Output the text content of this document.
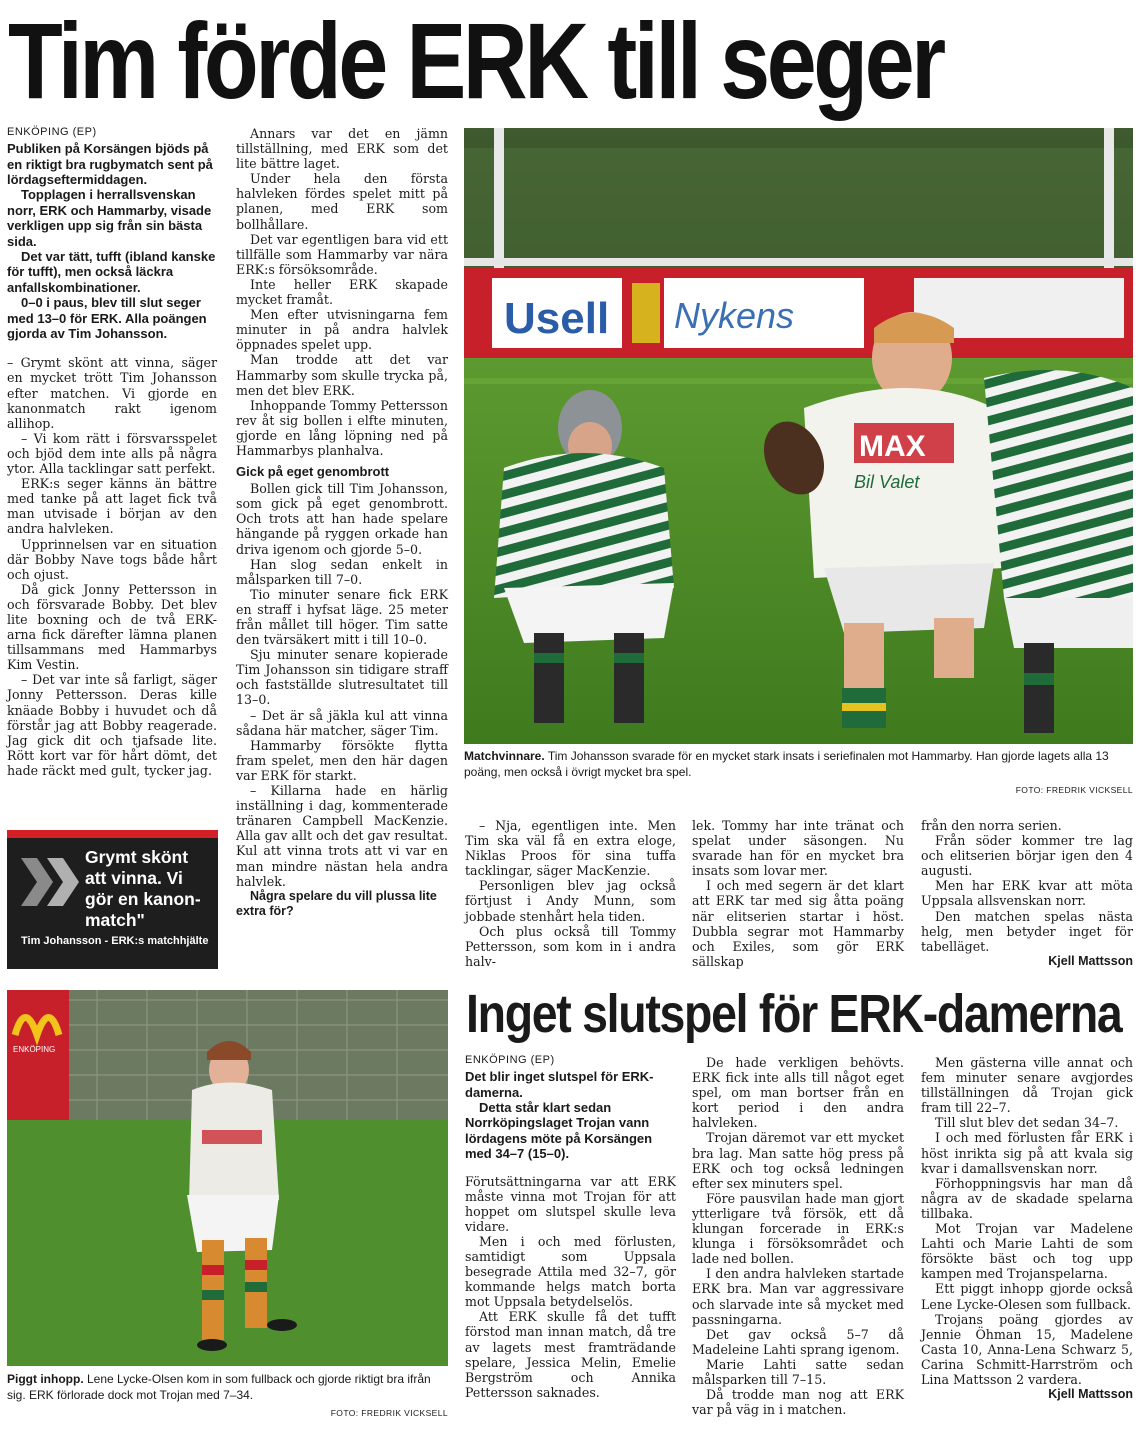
Tim förde ERK till seger
ENKÖPING (EP)

Publiken på Korsängen bjöds på en riktigt bra rugbymatch sent på lördagseftermiddagen.

Topplagen i herrallsvenskan norr, ERK och Hammarby, visade verkligen upp sig från sin bästa sida.

Det var tätt, tufft (ibland kanske för tufft), men också läckra anfallskombinationer.

0–0 i paus, blev till slut seger med 13–0 för ERK. Alla poängen gjorda av Tim Johansson.

– Grymt skönt att vinna, säger en mycket trött Tim Johansson efter matchen. Vi gjorde en kanonmatch rakt igenom allihop.

– Vi kom rätt i försvarsspelet och bjöd dem inte alls på några ytor. Alla tacklingar satt perfekt.

ERK:s seger känns än bättre med tanke på att laget fick två man utvisade i början av den andra halvleken.

Upprinnelsen var en situation där Bobby Nave togs både hårt och ojust.

Då gick Jonny Pettersson in och försvarade Bobby. Det blev lite boxning och de två ERK-arna fick därefter lämna planen tillsammans med Hammarbys Kim Vestin.

– Det var inte så farligt, säger Jonny Pettersson. Deras kille knäade Bobby i huvudet och då förstår jag att Bobby reagerade. Jag gick dit och tjafsade lite. Rött kort var för hårt dömt, det hade räckt med gult, tycker jag.

Grymt skönt att vinna. Vi gör en kanon-match"
Tim Johansson - ERK:s matchhjälte

Annars var det en jämn tillställning, med ERK som det lite bättre laget.

Under hela den första halvleken fördes spelet mitt på planen, med ERK som bollhållare.

Det var egentligen bara vid ett tillfälle som Hammarby var nära ERK:s försöksområde.

Inte heller ERK skapade mycket framåt.

Men efter utvisningarna fem minuter in på andra halvlek öppnades spelet upp.

Man trodde att det var Hammarby som skulle trycka på, men det blev ERK.

Inhoppande Tommy Pettersson rev åt sig bollen i elfte minuten, gjorde en lång löpning ned på Hammarbys planhalva.

Gick på eget genombrott

Bollen gick till Tim Johansson, som gick på eget genombrott. Och trots att han hade spelare hängande på ryggen orkade han driva igenom och gjorde 5–0.

Han slog sedan enkelt in målsparken till 7–0.

Tio minuter senare fick ERK en straff i hyfsat läge. 25 meter från mållet till höger. Tim satte den tvärsäkert mitt i till 10–0.

Sju minuter senare kopierade Tim Johansson sin tidigare straff och fastställde slutresultatet till 13–0.

– Det är så jäkla kul att vinna sådana här matcher, säger Tim.

Hammarby försökte flytta fram spelet, men den här dagen var ERK för starkt.

– Killarna hade en härlig inställning i dag, kommenterade tränaren Campbell MacKenzie. Alla gav allt och det gav resultat. Kul att vinna trots att vi var en man mindre nästan hela andra halvlek.

Några spelare du vill plussa lite extra för?

Usell Nykens
MAX
Bil Valet
Matchvinnare. Tim Johansson svarade för en mycket stark insats i seriefinalen mot Hammarby. Han gjorde lagets alla 13 poäng, men också i övrigt mycket bra spel.
FOTO: FREDRIK VICKSELL

– Nja, egentligen inte. Men Tim ska väl få en extra eloge, Niklas Proos för sina tuffa tacklingar, säger MacKenzie.

Personligen blev jag också förtjust i Andy Munn, som jobbade stenhårt hela tiden.

Och plus också till Tommy Pettersson, som kom in i andra halv-

lek. Tommy har inte tränat och spelat under säsongen. Nu svarade han för en mycket bra insats som lovar mer.

I och med segern är det klart att ERK tar med sig åtta poäng när elitserien startar i höst. Dubbla segrar mot Hammarby och Exiles, som gör ERK sällskap

från den norra serien.

Från söder kommer tre lag och elitserien börjar igen den 4 augusti.

Men har ERK kvar att möta Uppsala allsvenskan norr.

Den matchen spelas nästa helg, men betyder inget för tabelläget.

Kjell Mattsson
ENKÖPING
Piggt inhopp. Lene Lycke-Olsen kom in som fullback och gjorde riktigt bra ifrån sig. ERK förlorade dock mot Trojan med 7–34.
FOTO: FREDRIK VICKSELL
Inget slutspel för ERK-damerna
ENKÖPING (EP)

Det blir inget slutspel för ERK-damerna.

Detta står klart sedan Norrköpingslaget Trojan vann lördagens möte på Korsängen med 34–7 (15–0).

Förutsättningarna var att ERK måste vinna mot Trojan för att hoppet om slutspel skulle leva vidare.

Men i och med förlusten, samtidigt som Uppsala besegrade Attila med 32–7, gör kommande helgs match borta mot Uppsala betydelselös.

Att ERK skulle få det tufft förstod man innan match, då tre av lagets mest framträdande spelare, Jessica Melin, Emelie Bergström och Annika Pettersson saknades.

De hade verkligen behövts. ERK fick inte alls till något eget spel, om man bortser från en kort period i den andra halvleken.

Trojan däremot var ett mycket bra lag. Man satte hög press på ERK och tog också ledningen efter sex minuters spel.

Före pausvilan hade man gjort ytterligare två försök, ett då klungan forcerade in ERK:s klunga i försöksområdet och lade ned bollen.

I den andra halvleken startade ERK bra. Man var aggressivare och slarvade inte så mycket med passningarna.

Det gav också 5–7 då Madeleine Lahti sprang igenom.

Marie Lahti satte sedan målsparken till 7–15.

Då trodde man nog att ERK var på väg in i matchen.

Men gästerna ville annat och fem minuter senare avgjordes tillställningen då Trojan gick fram till 22–7.

Till slut blev det sedan 34–7.

I och med förlusten får ERK i höst inrikta sig på att kvala sig kvar i damallsvenskan norr.

Förhoppningsvis har man då några av de skadade spelarna tillbaka.

Mot Trojan var Madelene Lahti och Marie Lahti de som försökte bäst och tog upp kampen med Trojanspelarna.

Ett piggt inhopp gjorde också Lene Lycke-Olesen som fullback.

Trojans poäng gjordes av Jennie Öhman 15, Madelene Casta 10, Anna-Lena Schwarz 5, Carina Schmitt-Harrström och Lina Mattsson 2 vardera.

Kjell Mattsson
